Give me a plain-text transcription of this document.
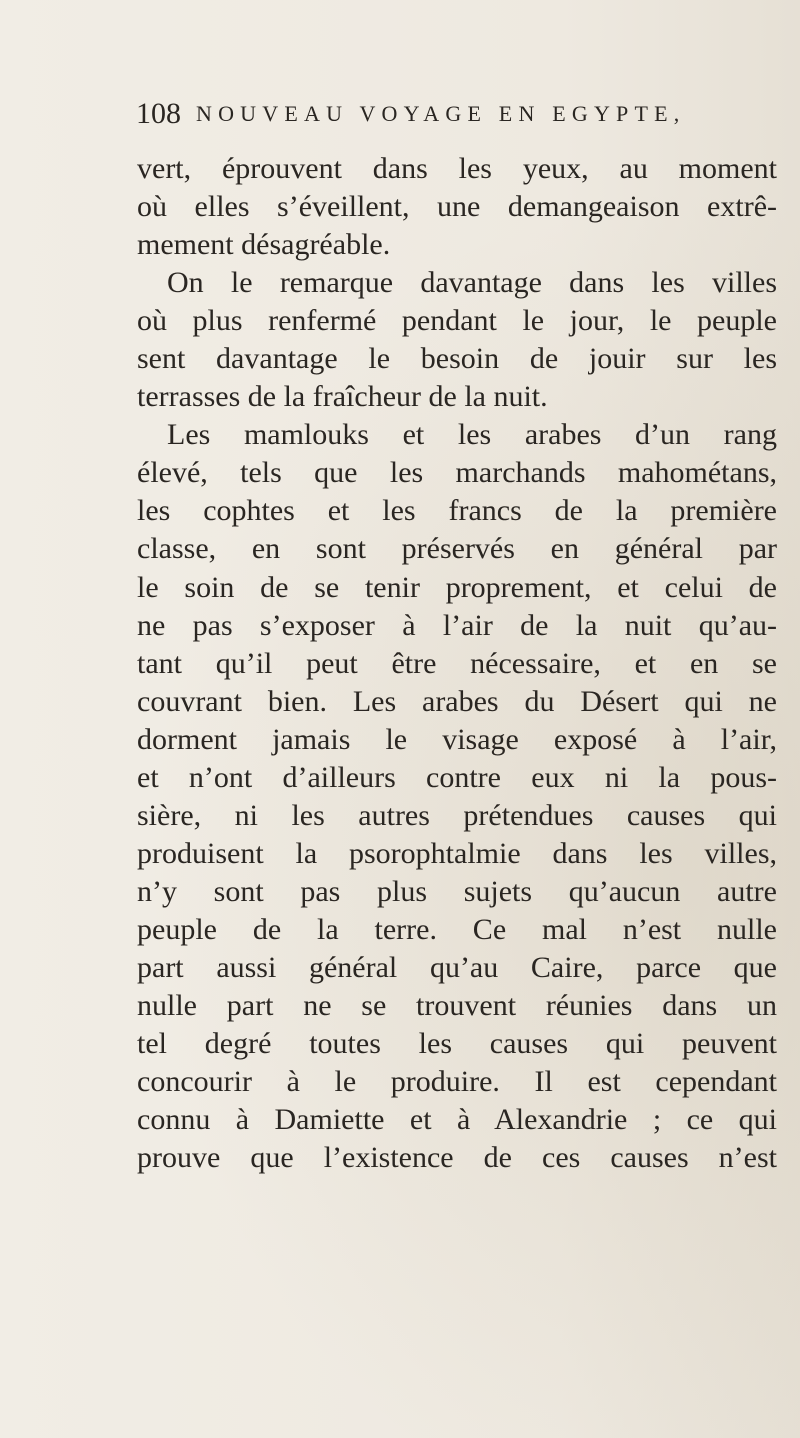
108 NOUVEAU VOYAGE EN EGYPTE,
vert, éprouvent dans les yeux, au moment
où elles s’éveillent, une demangeaison extrê-
mement désagréable.
On le remarque davantage dans les villes
où plus renfermé pendant le jour, le peuple
sent davantage le besoin de jouir sur les
terrasses de la fraîcheur de la nuit.
Les mamlouks et les arabes d’un rang
élevé, tels que les marchands mahométans,
les cophtes et les francs de la première
classe, en sont préservés en général par
le soin de se tenir proprement, et celui de
ne pas s’exposer à l’air de la nuit qu’au-
tant qu’il peut être nécessaire, et en se
couvrant bien. Les arabes du Désert qui ne
dorment jamais le visage exposé à l’air,
et n’ont d’ailleurs contre eux ni la pous-
sière, ni les autres prétendues causes qui
produisent la psorophtalmie dans les villes,
n’y sont pas plus sujets qu’aucun autre
peuple de la terre. Ce mal n’est nulle
part aussi général qu’au Caire, parce que
nulle part ne se trouvent réunies dans un
tel degré toutes les causes qui peuvent
concourir à le produire. Il est cependant
connu à Damiette et à Alexandrie ; ce qui
prouve que l’existence de ces causes n’est
